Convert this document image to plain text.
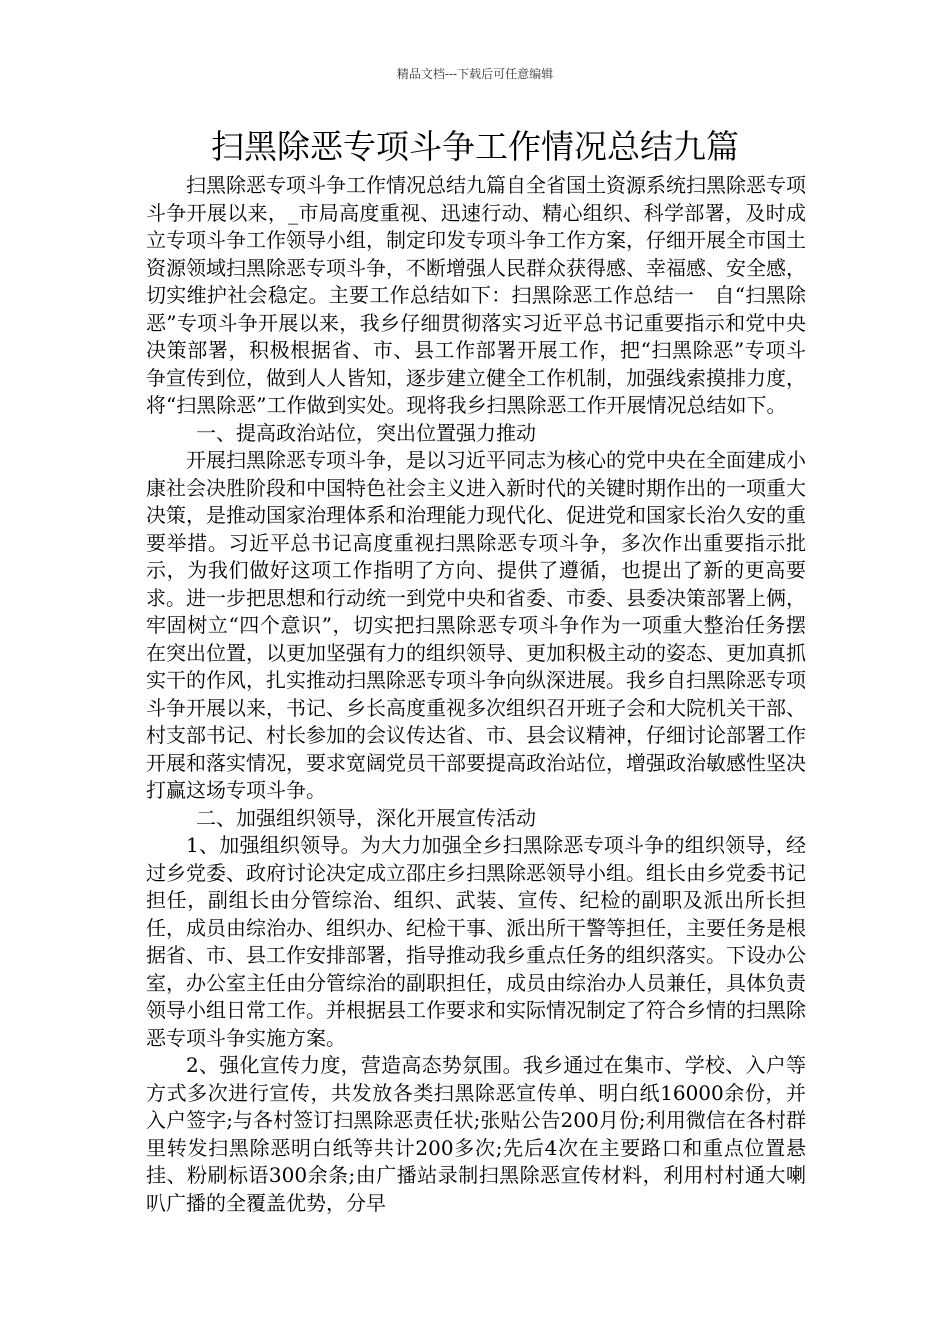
精品文档---下载后可任意编辑
扫黑除恶专项斗争工作情况总结九篇

扫黑除恶专项斗争工作情况总结九篇自全省国土资源系统扫黑除恶专项斗争开展以来，_市局高度重视、迅速行动、精心组织、科学部署，及时成立专项斗争工作领导小组，制定印发专项斗争工作方案，仔细开展全市国土资源领域扫黑除恶专项斗争，不断增强人民群众获得感、幸福感、安全感，切实维护社会稳定。主要工作总结如下：扫黑除恶工作总结一　自“扫黑除恶”专项斗争开展以来，我乡仔细贯彻落实习近平总书记重要指示和党中央决策部署，积极根据省、市、县工作部署开展工作，把“扫黑除恶”专项斗争宣传到位，做到人人皆知，逐步建立健全工作机制，加强线索摸排力度，将“扫黑除恶”工作做到实处。现将我乡扫黑除恶工作开展情况总结如下。

一、提高政治站位，突出位置强力推动

开展扫黑除恶专项斗争，是以习近平同志为核心的党中央在全面建成小康社会决胜阶段和中国特色社会主义进入新时代的关键时期作出的一项重大决策，是推动国家治理体系和治理能力现代化、促进党和国家长治久安的重要举措。习近平总书记高度重视扫黑除恶专项斗争，多次作出重要指示批示，为我们做好这项工作指明了方向、提供了遵循，也提出了新的更高要求。进一步把思想和行动统一到党中央和省委、市委、县委决策部署上俩，牢固树立“四个意识”，切实把扫黑除恶专项斗争作为一项重大整治任务摆在突出位置，以更加坚强有力的组织领导、更加积极主动的姿态、更加真抓实干的作风，扎实推动扫黑除恶专项斗争向纵深进展。我乡自扫黑除恶专项斗争开展以来，书记、乡长高度重视多次组织召开班子会和大院机关干部、村支部书记、村长参加的会议传达省、市、县会议精神，仔细讨论部署工作开展和落实情况，要求宽阔党员干部要提高政治站位，增强政治敏感性坚决打赢这场专项斗争。

二、加强组织领导，深化开展宣传活动

1、加强组织领导。为大力加强全乡扫黑除恶专项斗争的组织领导，经过乡党委、政府讨论决定成立邵庄乡扫黑除恶领导小组。组长由乡党委书记担任，副组长由分管综治、组织、武装、宣传、纪检的副职及派出所长担任，成员由综治办、组织办、纪检干事、派出所干警等担任，主要任务是根据省、市、县工作安排部署，指导推动我乡重点任务的组织落实。下设办公室，办公室主任由分管综治的副职担任，成员由综治办人员兼任，具体负责领导小组日常工作。并根据县工作要求和实际情况制定了符合乡情的扫黑除恶专项斗争实施方案。

2、强化宣传力度，营造高态势氛围。我乡通过在集市、学校、入户等方式多次进行宣传，共发放各类扫黑除恶宣传单、明白纸16000余份，并入户签字;与各村签订扫黑除恶责任状;张贴公告200月份;利用微信在各村群里转发扫黑除恶明白纸等共计200多次;先后4次在主要路口和重点位置悬挂、粉刷标语300余条;由广播站录制扫黑除恶宣传材料，利用村村通大喇叭广播的全覆盖优势，分早
